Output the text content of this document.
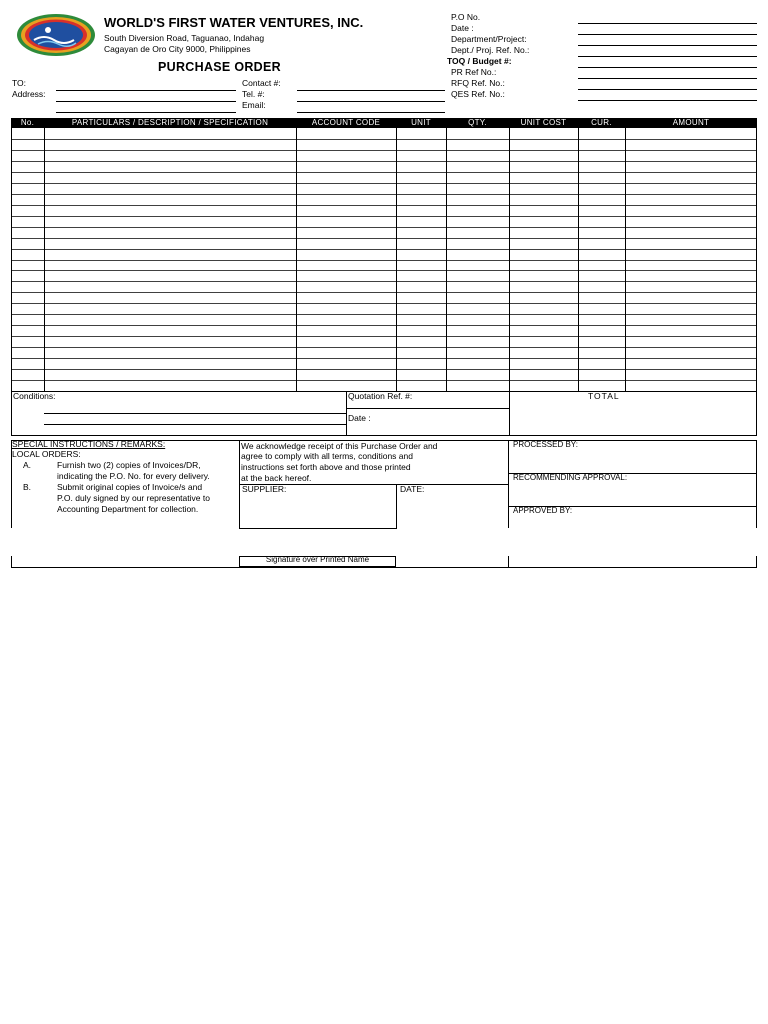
WORLD'S FIRST WATER VENTURES, INC.
South Diversion Road, Taguanao, Indahag
Cagayan de Oro City 9000, Philippines
PURCHASE ORDER
P.O No.
Date :
Department/Project:
Dept./ Proj. Ref. No.:
TOQ / Budget #:
PR Ref No.:
RFQ Ref. No.:
QES Ref. No.:
TO:
Address:
Contact #:
Tel. #:
Email:
No.	PARTICULARS / DESCRIPTION / SPECIFICATION	ACCOUNT CODE	UNIT	QTY.	UNIT COST	CUR.	AMOUNT
Conditions:	Quotation Ref. #:
Date :
TOTAL
SPECIAL INSTRUCTIONS / REMARKS:
LOCAL ORDERS:
A.	Furnish two (2) copies of Invoices/DR,
indicating the P.O. No. for every delivery.
B.	Submit original copies of Invoice/s and
P.O. duly signed by our representative to
Accounting Department for collection.
We acknowledge receipt of this Purchase Order and
agree to comply with all terms, conditions and
instructions set forth above and those printed
at the back hereof.
SUPPLIER:	DATE:
PROCESSED BY:
RECOMMENDING APPROVAL:
APPROVED BY:
Signature over Printed Name
